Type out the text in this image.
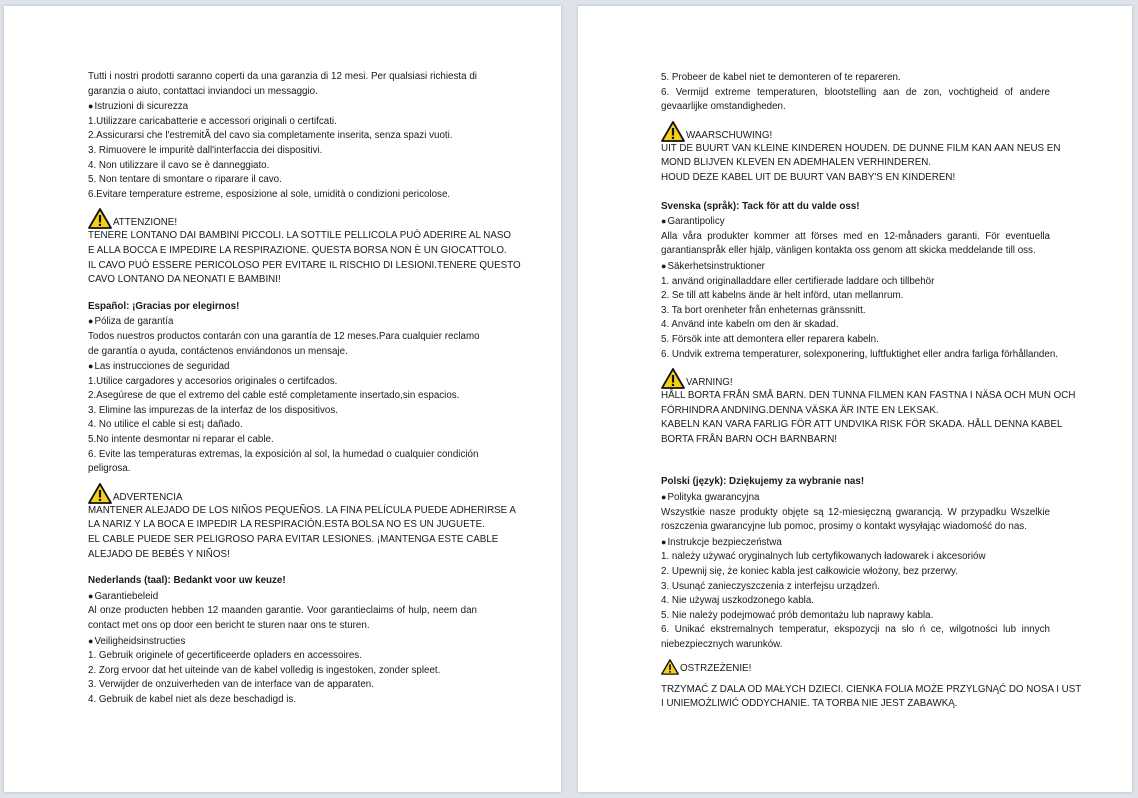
Tutti i nostri prodotti saranno coperti da una garanzia di 12 mesi. Per qualsiasi richiesta di
garanzia o aiuto, contattaci inviandoci un messaggio.
● Istruzioni di sicurezza
1.Utilizzare caricabatterie e accessori originali o certifcati.
2.Assicurarsi che l'estremitÃ del cavo sia completamente inserita, senza spazi vuoti.
3. Rimuovere le impuritè dall'interfaccia dei dispositivi.
4. Non utilizzare il cavo se è danneggiato.
5. Non tentare di smontare o riparare il cavo.
6.Evitare temperature estreme, esposizione al sole, umidità o condizioni pericolose.
ATTENZIONE!
TENERE LONTANO DAI BAMBINI PICCOLI. LA SOTTILE PELLICOLA PUÒ ADERIRE AL NASO
E ALLA BOCCA E IMPEDIRE LA RESPIRAZIONE. QUESTA BORSA NON È UN GIOCATTOLO.
IL CAVO PUÒ ESSERE PERICOLOSO PER EVITARE IL RISCHIO DI LESIONI.TENERE QUESTO
CAVO LONTANO DA NEONATI E BAMBINI!
Español: ¡Gracias por elegirnos!
● Póliza de garantía
Todos nuestros productos contarán con una garantía de 12 meses.Para cualquier reclamo
de garantía o ayuda, contáctenos enviándonos un mensaje.
● Las instrucciones de seguridad
1.Utilice cargadores y accesorios originales o certifcados.
2.Asegúrese de que el extremo del cable esté completamente insertado,sin espacios.
3. Elimine las impurezas de la interfaz de los dispositivos.
4. No utilice el cable si est¡ dañado.
5.No intente desmontar ni reparar el cable.
6. Evite las temperaturas extremas, la exposición al sol, la humedad o cualquier condición
peligrosa.
ADVERTENCIA
MANTENER ALEJADO DE LOS NIÑOS PEQUEÑOS. LA FINA PELÍCULA PUEDE ADHERIRSE A
LA NARIZ Y LA BOCA E IMPEDIR LA RESPIRACIÓN.ESTA BOLSA NO ES UN JUGUETE.
EL CABLE PUEDE SER PELIGROSO PARA EVITAR LESIONES. ¡MANTENGA ESTE CABLE
ALEJADO DE BEBÉS Y NIÑOS!
Nederlands (taal): Bedankt voor uw keuze!
● Garantiebeleid
Al onze producten hebben 12 maanden garantie. Voor garantieclaims of hulp, neem dan
contact met ons op door een bericht te sturen naar ons te sturen.
● Veiligheidsinstructies
1. Gebruik originele of gecertificeerde opladers en accessoires.
2. Zorg ervoor dat het uiteinde van de kabel volledig is ingestoken, zonder spleet.
3. Verwijder de onzuiverheden van de interface van de apparaten.
4. Gebruik de kabel niet als deze beschadigd is.
5. Probeer de kabel niet te demonteren of te repareren.
6. Vermijd extreme temperaturen, blootstelling aan de zon, vochtigheid of andere
gevaarlijke omstandigheden.
WAARSCHUWING!
UIT DE BUURT VAN KLEINE KINDEREN HOUDEN. DE DUNNE FILM KAN AAN NEUS EN
MOND BLIJVEN KLEVEN EN ADEMHALEN VERHINDEREN.
HOUD DEZE KABEL UIT DE BUURT VAN BABY'S EN KINDEREN!
Svenska (språk): Tack för att du valde oss!
● Garantipolicy
Alla våra produkter kommer att förses med en 12-månaders garanti. För eventuella
garantianspråk eller hjälp, vänligen kontakta oss genom att skicka meddelande till oss.
● Säkerhetsinstruktioner
1. använd originalladdare eller certifierade laddare och tillbehör
2. Se till att kabelns ände är helt införd, utan mellanrum.
3. Ta bort orenheter från enheternas gränssnitt.
4. Använd inte kabeln om den är skadad.
5. Försök inte att demontera eller reparera kabeln.
6. Undvik extrema temperaturer, solexponering, luftfuktighet eller andra farliga förhållanden.
VARNING!
HÅLL BORTA FRÅN SMÅ BARN. DEN TUNNA FILMEN KAN FASTNA I NÄSA OCH MUN OCH
FÖRHINDRA ANDNING.DENNA VÄSKA ÄR INTE EN LEKSAK.
KABELN KAN VARA FARLIG FÖR ATT UNDVIKA RISK FÖR SKADA. HÅLL DENNA KABEL
BORTA FRÅN BARN OCH BARNBARN!
Polski (język): Dziękujemy za wybranie nas!
● Polityka gwarancyjna
Wszystkie nasze produkty objęte są 12-miesięczną gwarancją. W przypadku Wszelkie
roszczenia gwarancyjne lub pomoc, prosimy o kontakt wysyłając wiadomość do nas.
● Instrukcje bezpieczeństwa
1. należy używać oryginalnych lub certyfikowanych ładowarek i akcesoriów
2. Upewnij się, że koniec kabla jest całkowicie włożony, bez przerwy.
3. Usunąć zanieczyszczenia z interfejsu urządzeń.
4. Nie używaj uszkodzonego kabla.
5. Nie należy podejmować prób demontażu lub naprawy kabla.
6. Unikać ekstremalnych temperatur, ekspozycji na sło ń ce, wilgotności lub innych
niebezpiecznych warunków.
OSTRZEŻENIE!
TRZYMAĆ Z DALA OD MAŁYCH DZIECI. CIENKA FOLIA MOŻE PRZYLGNĄĆ DO NOSA I UST
I UNIEMOŻLIWIĆ ODDYCHANIE. TA TORBA NIE JEST ZABAWKĄ.
